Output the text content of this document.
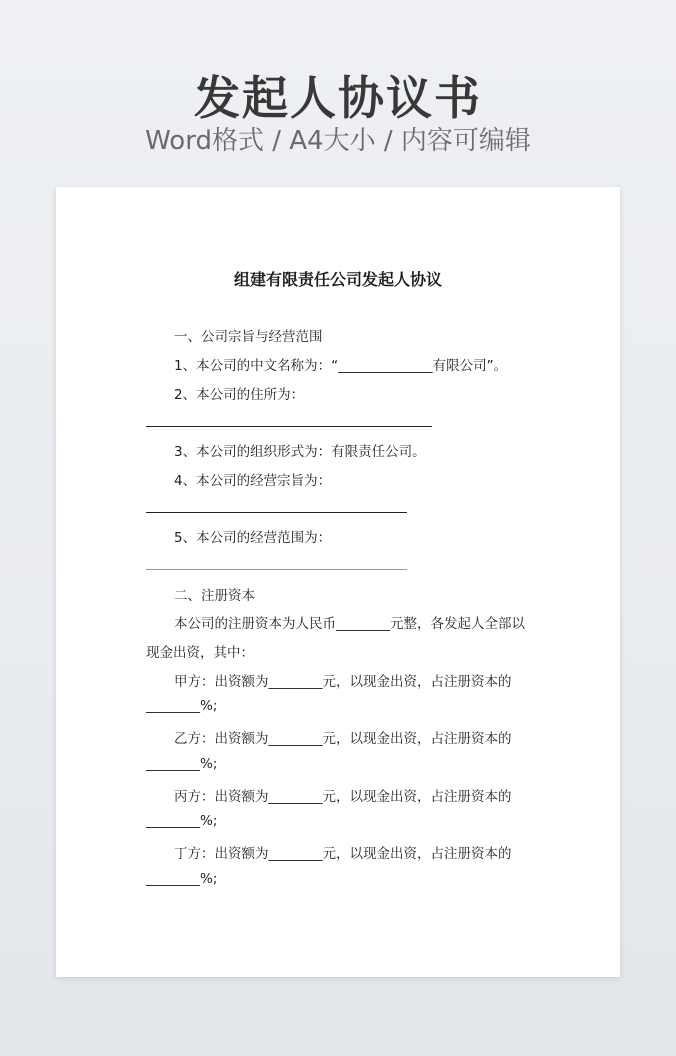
发起人协议书
Word格式 / A4大小 / 内容可编辑
组建有限责任公司发起人协议
一、公司宗旨与经营范围
1、本公司的中文名称为：“______________有限公司”。
2、本公司的住所为：
3、本公司的组织形式为：有限责任公司。
4、本公司的经营宗旨为：
5、本公司的经营范围为：
二、注册资本
本公司的注册资本为人民币________元整，各发起人全部以
现金出资，其中：
甲方：出资额为________元，以现金出资，占注册资本的
________%;
乙方：出资额为________元，以现金出资，占注册资本的
________%;
丙方：出资额为________元，以现金出资，占注册资本的
________%;
丁方：出资额为________元，以现金出资，占注册资本的
________%;
